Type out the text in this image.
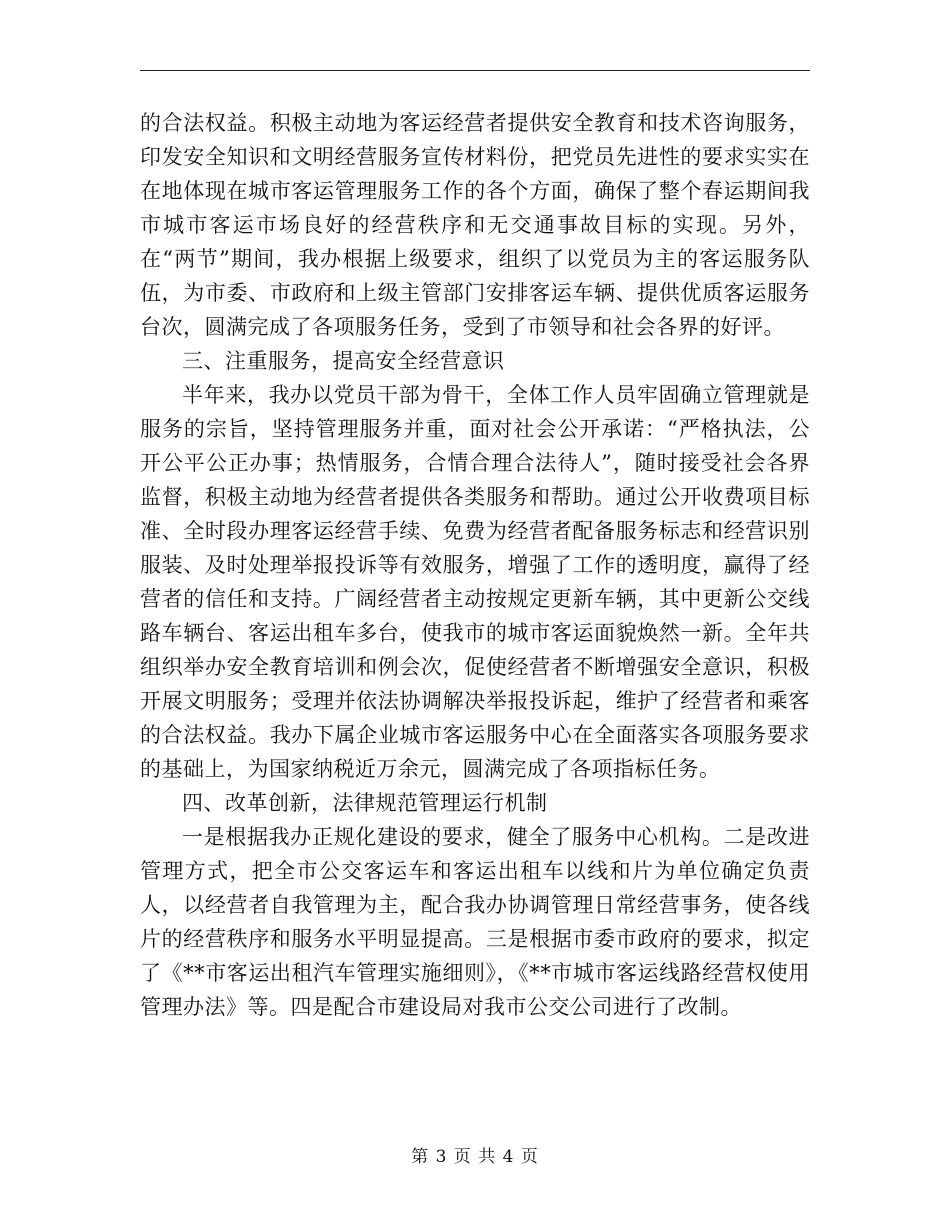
的合法权益。积极主动地为客运经营者提供安全教育和技术咨询服务，印发安全知识和文明经营服务宣传材料份，把党员先进性的要求实实在在地体现在城市客运管理服务工作的各个方面，确保了整个春运期间我市城市客运市场良好的经营秩序和无交通事故目标的实现。另外，在“两节”期间，我办根据上级要求，组织了以党员为主的客运服务队伍，为市委、市政府和上级主管部门安排客运车辆、提供优质客运服务台次，圆满完成了各项服务任务，受到了市领导和社会各界的好评。

三、注重服务，提高安全经营意识

半年来，我办以党员干部为骨干，全体工作人员牢固确立管理就是服务的宗旨，坚持管理服务并重，面对社会公开承诺：“严格执法，公开公平公正办事；热情服务，合情合理合法待人”，随时接受社会各界监督，积极主动地为经营者提供各类服务和帮助。通过公开收费项目标准、全时段办理客运经营手续、免费为经营者配备服务标志和经营识别服装、及时处理举报投诉等有效服务，增强了工作的透明度，赢得了经营者的信任和支持。广阔经营者主动按规定更新车辆，其中更新公交线路车辆台、客运出租车多台，使我市的城市客运面貌焕然一新。全年共组织举办安全教育培训和例会次，促使经营者不断增强安全意识，积极开展文明服务；受理并依法协调解决举报投诉起，维护了经营者和乘客的合法权益。我办下属企业城市客运服务中心在全面落实各项服务要求的基础上，为国家纳税近万余元，圆满完成了各项指标任务。

四、改革创新，法律规范管理运行机制

一是根据我办正规化建设的要求，健全了服务中心机构。二是改进管理方式，把全市公交客运车和客运出租车以线和片为单位确定负责人，以经营者自我管理为主，配合我办协调管理日常经营事务，使各线片的经营秩序和服务水平明显提高。三是根据市委市政府的要求，拟定了《**市客运出租汽车管理实施细则》，《**市城市客运线路经营权使用管理办法》等。四是配合市建设局对我市公交公司进行了改制。

第 3 页 共 4 页
